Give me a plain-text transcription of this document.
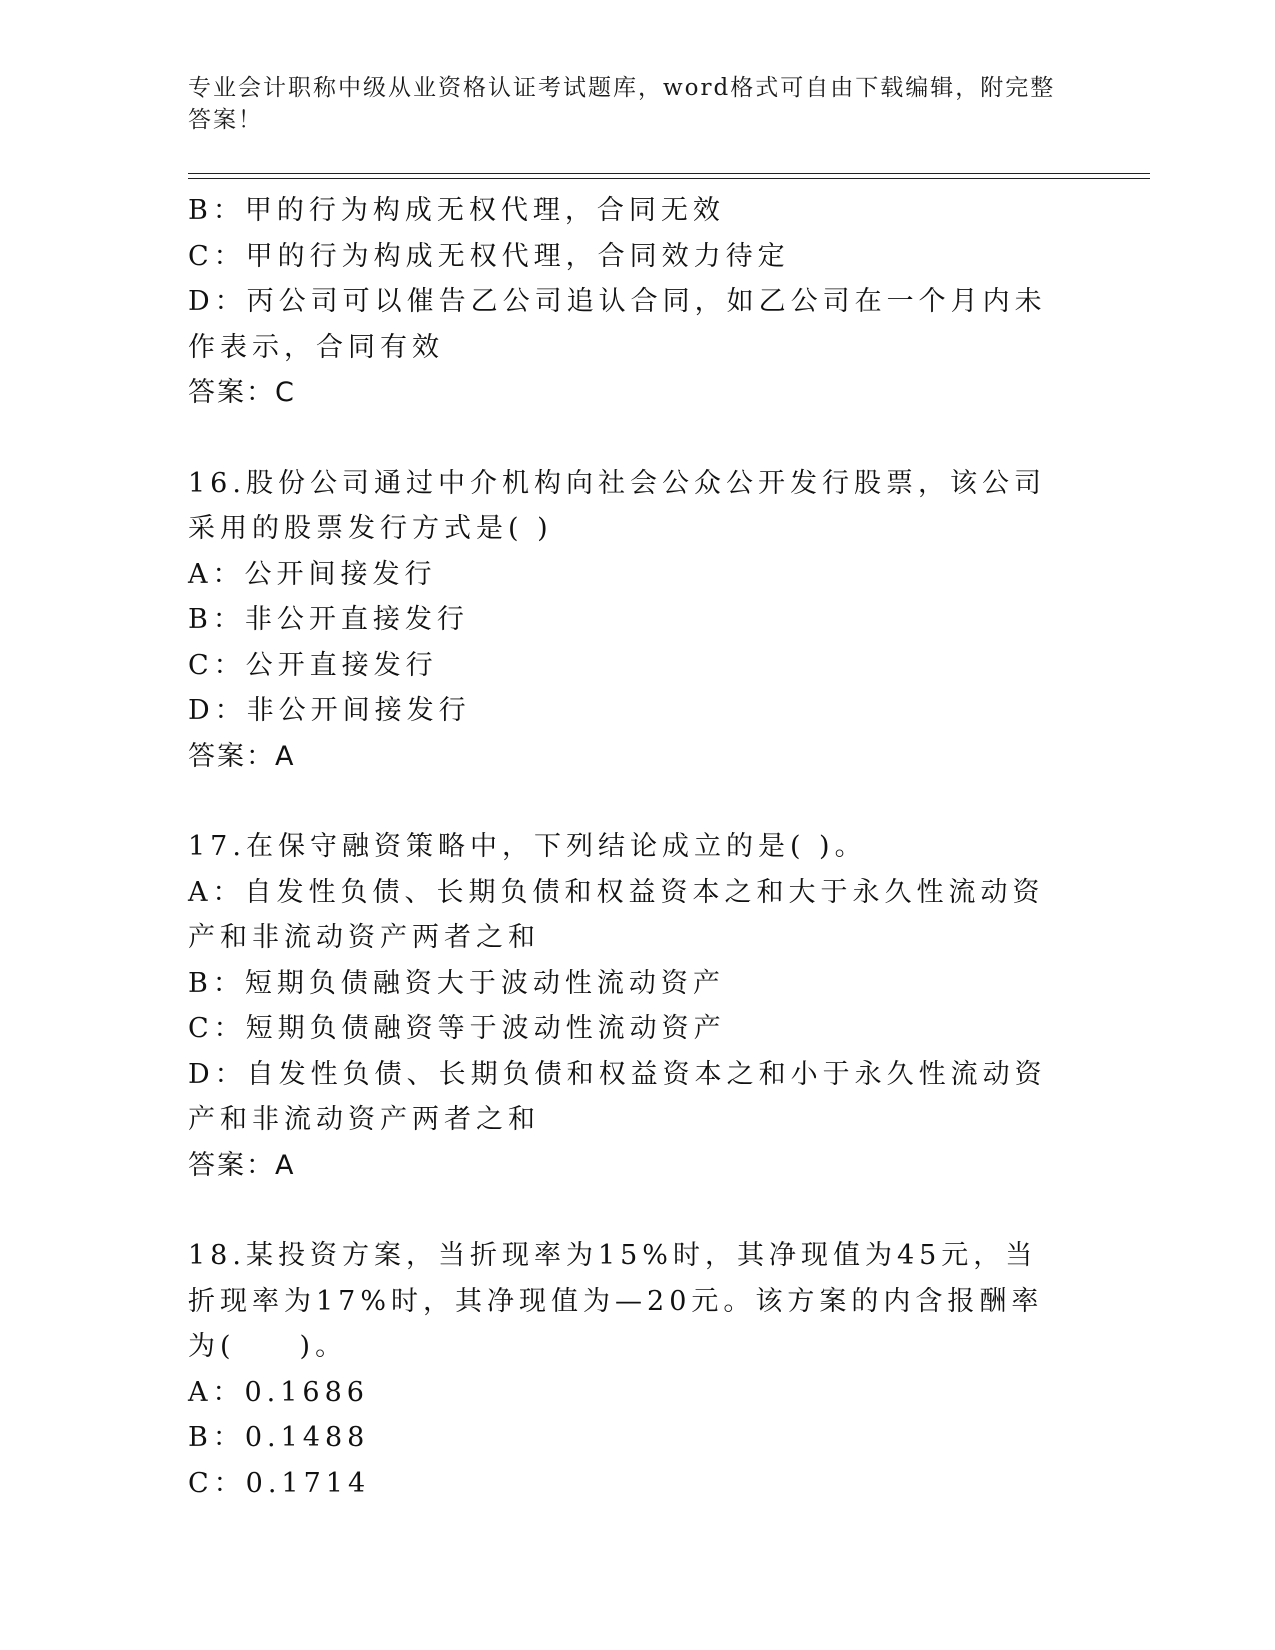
专业会计职称中级从业资格认证考试题库，word格式可自由下载编辑，附完整答案！

B：甲的行为构成无权代理，合同无效

C：甲的行为构成无权代理，合同效力待定

D：丙公司可以催告乙公司追认合同，如乙公司在一个月内未作表示，合同有效

答案：C

16.股份公司通过中介机构向社会公众公开发行股票，该公司采用的股票发行方式是( )

A：公开间接发行

B：非公开直接发行

C：公开直接发行

D：非公开间接发行

答案：A

17.在保守融资策略中，下列结论成立的是( )。

A：自发性负债、长期负债和权益资本之和大于永久性流动资产和非流动资产两者之和

B：短期负债融资大于波动性流动资产

C：短期负债融资等于波动性流动资产

D：自发性负债、长期负债和权益资本之和小于永久性流动资产和非流动资产两者之和

答案：A

18.某投资方案，当折现率为15%时，其净现值为45元，当折现率为17%时，其净现值为—20元。该方案的内含报酬率为(　　)。

A：0.1686

B：0.1488

C：0.1714
